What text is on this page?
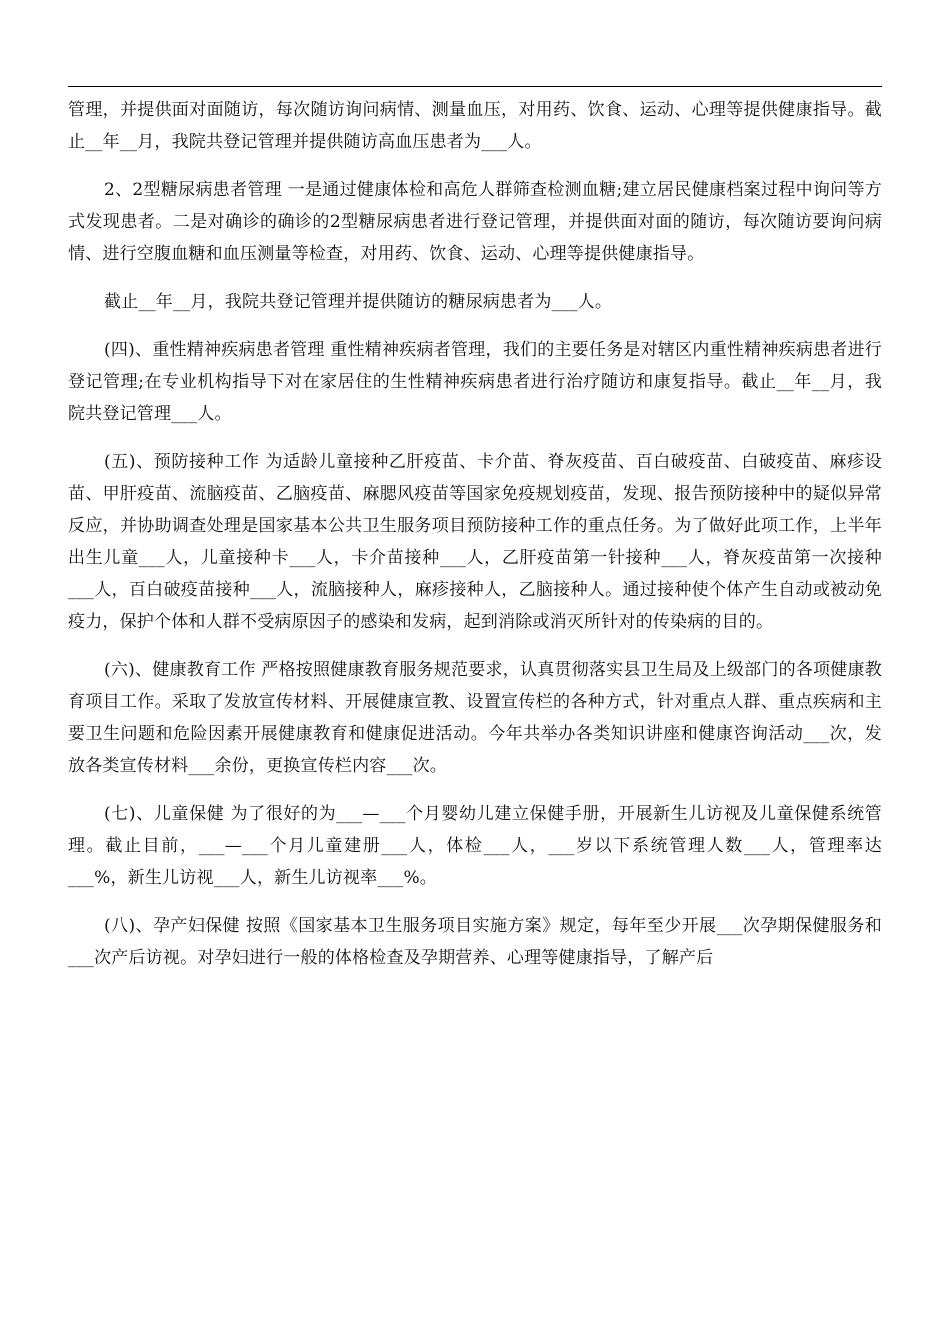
管理，并提供面对面随访，每次随访询问病情、测量血压，对用药、饮食、运动、心理等提供健康指导。截止__年__月，我院共登记管理并提供随访高血压患者为___人。

2、2型糖尿病患者管理 一是通过健康体检和高危人群筛查检测血糖;建立居民健康档案过程中询问等方式发现患者。二是对确诊的确诊的2型糖尿病患者进行登记管理，并提供面对面的随访，每次随访要询问病情、进行空腹血糖和血压测量等检查，对用药、饮食、运动、心理等提供健康指导。

截止__年__月，我院共登记管理并提供随访的糖尿病患者为___人。

(四)、重性精神疾病患者管理 重性精神疾病者管理，我们的主要任务是对辖区内重性精神疾病患者进行登记管理;在专业机构指导下对在家居住的生性精神疾病患者进行治疗随访和康复指导。截止__年__月，我院共登记管理___人。

(五)、预防接种工作 为适龄儿童接种乙肝疫苗、卡介苗、脊灰疫苗、百白破疫苗、白破疫苗、麻疹设苗、甲肝疫苗、流脑疫苗、乙脑疫苗、麻腮风疫苗等国家免疫规划疫苗，发现、报告预防接种中的疑似异常反应，并协助调查处理是国家基本公共卫生服务项目预防接种工作的重点任务。为了做好此项工作，上半年出生儿童___人，儿童接种卡___人，卡介苗接种___人，乙肝疫苗第一针接种___人，脊灰疫苗第一次接种___人，百白破疫苗接种___人，流脑接种人，麻疹接种人，乙脑接种人。通过接种使个体产生自动或被动免疫力，保护个体和人群不受病原因子的感染和发病，起到消除或消灭所针对的传染病的目的。

(六)、健康教育工作 严格按照健康教育服务规范要求，认真贯彻落实县卫生局及上级部门的各项健康教育项目工作。采取了发放宣传材料、开展健康宣教、设置宣传栏的各种方式，针对重点人群、重点疾病和主要卫生问题和危险因素开展健康教育和健康促进活动。今年共举办各类知识讲座和健康咨询活动___次，发放各类宣传材料___余份，更换宣传栏内容___次。

(七)、儿童保健 为了很好的为___—___个月婴幼儿建立保健手册，开展新生儿访视及儿童保健系统管理。截止目前，___—___个月儿童建册___人，体检___人，___岁以下系统管理人数___人，管理率达___%，新生儿访视___人，新生儿访视率___%。

(八)、孕产妇保健 按照《国家基本卫生服务项目实施方案》规定，每年至少开展___次孕期保健服务和___次产后访视。对孕妇进行一般的体格检查及孕期营养、心理等健康指导，了解产后
